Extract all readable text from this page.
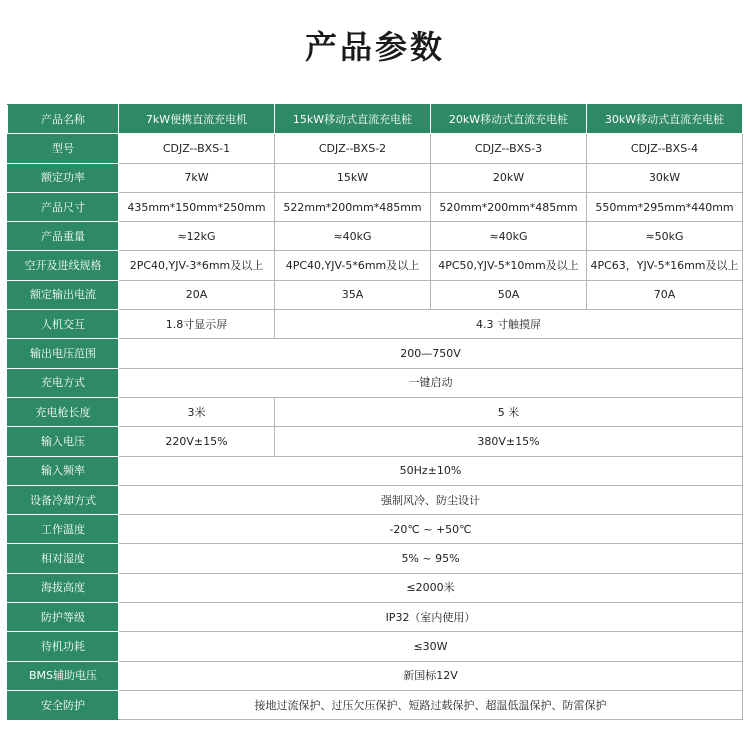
产品参数
产品名称	7kW便携直流充电机	15kW移动式直流充电桩	20kW移动式直流充电桩	30kW移动式直流充电桩
型号	CDJZ--BXS-1	CDJZ--BXS-2	CDJZ--BXS-3	CDJZ--BXS-4
额定功率	7kW	15kW	20kW	30kW
产品尺寸	435mm*150mm*250mm	522mm*200mm*485mm	520mm*200mm*485mm	550mm*295mm*440mm
产品重量	≈12kG	≈40kG	≈40kG	≈50kG
空开及进线规格	2PC40,YJV-3*6mm及以上	4PC40,YJV-5*6mm及以上	4PC50,YJV-5*10mm及以上	4PC63，YJV-5*16mm及以上
额定输出电流	20A	35A	50A	70A
人机交互	1.8寸显示屏	4.3 寸触摸屏		
输出电压范围	200—750V			
充电方式	一键启动			
充电枪长度	3米	5 米		
输入电压	220V±15%	380V±15%		
输入频率	50Hz±10%			
设备冷却方式	强制风冷、防尘设计			
工作温度	-20℃ ~ +50℃			
相对湿度	5% ~ 95%			
海拔高度	≤2000米			
防护等级	IP32（室内使用）			
待机功耗	≤30W			
BMS辅助电压	新国标12V			
安全防护	接地过流保护、过压欠压保护、短路过载保护、超温低温保护、防雷保护			
